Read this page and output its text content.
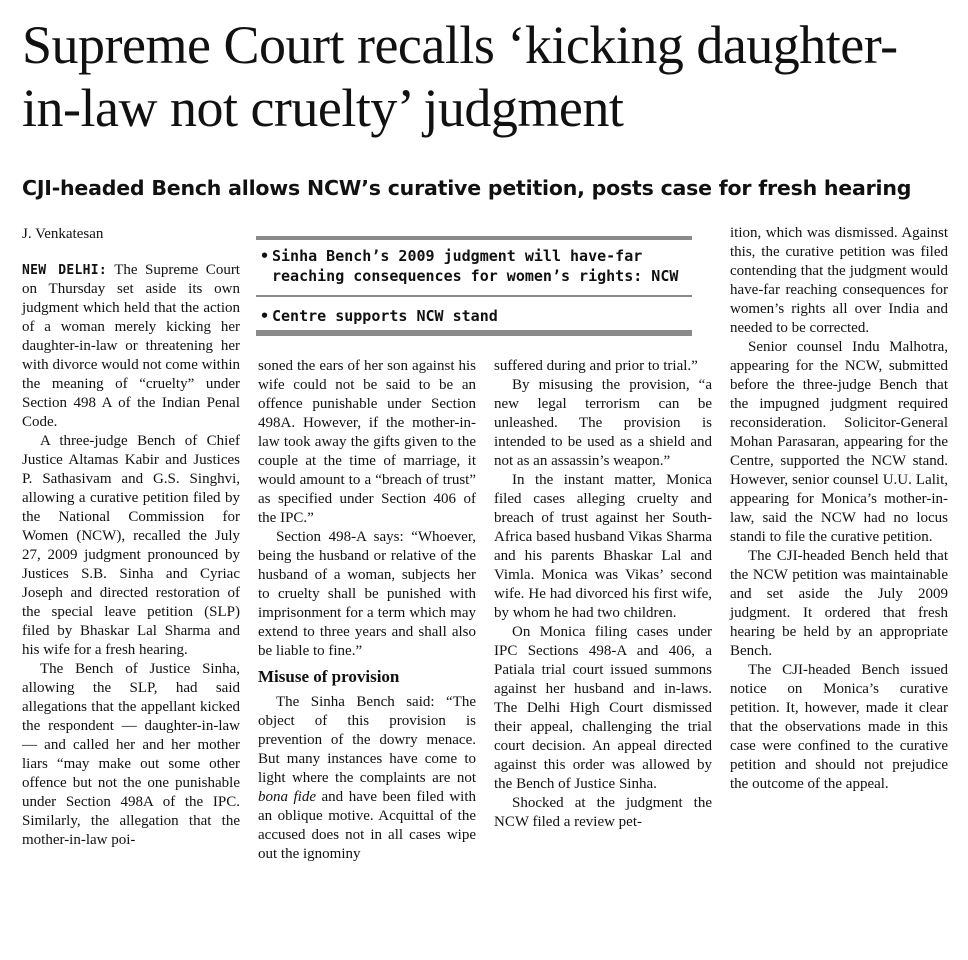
Supreme Court recalls ‘kicking daughter-in-law not cruelty’ judgment
CJI-headed Bench allows NCW’s curative petition, posts case for fresh hearing
J. Venkatesan

NEW DELHI: The Supreme Court on Thursday set aside its own judgment which held that the action of a woman merely kicking her daughter-in-law or threatening her with divorce would not come within the meaning of “cruelty” under Section 498 A of the Indian Penal Code.

A three-judge Bench of Chief Justice Altamas Kabir and Justices P. Sathasivam and G.S. Singhvi, allowing a curative petition filed by the National Commission for Women (NCW), recalled the July 27, 2009 judgment pronounced by Justices S.B. Sinha and Cyriac Joseph and directed restoration of the special leave petition (SLP) filed by Bhaskar Lal Sharma and his wife for a fresh hearing.

The Bench of Justice Sinha, allowing the SLP, had said allegations that the appellant kicked the respondent — daughter-in-law — and called her and her mother liars “may make out some other offence but not the one punishable under Section 498A of the IPC. Similarly, the allegation that the mother-in-law poi-

• Sinha Bench’s 2009 judgment will have-far reaching consequences for women’s rights: NCW
• Centre supports NCW stand

soned the ears of her son against his wife could not be said to be an offence punishable under Section 498A. However, if the mother-in-law took away the gifts given to the couple at the time of marriage, it would amount to a “breach of trust” as specified under Section 406 of the IPC.”

Section 498-A says: “Whoever, being the husband or relative of the husband of a woman, subjects her to cruelty shall be punished with imprisonment for a term which may extend to three years and shall also be liable to fine.”

Misuse of provision

The Sinha Bench said: “The object of this provision is prevention of the dowry menace. But many instances have come to light where the complaints are not bona fide and have been filed with an oblique motive. Acquittal of the accused does not in all cases wipe out the ignominy

suffered during and prior to trial.”

By misusing the provision, “a new legal terrorism can be unleashed. The provision is intended to be used as a shield and not as an assassin’s weapon.”

In the instant matter, Monica filed cases alleging cruelty and breach of trust against her South-Africa based husband Vikas Sharma and his parents Bhaskar Lal and Vimla. Monica was Vikas’ second wife. He had divorced his first wife, by whom he had two children.

On Monica filing cases under IPC Sections 498-A and 406, a Patiala trial court issued summons against her husband and in-laws. The Delhi High Court dismissed their appeal, challenging the trial court decision. An appeal directed against this order was allowed by the Bench of Justice Sinha.

Shocked at the judgment the NCW filed a review pet-

ition, which was dismissed. Against this, the curative petition was filed contending that the judgment would have-far reaching consequences for women’s rights all over India and needed to be corrected.

Senior counsel Indu Malhotra, appearing for the NCW, submitted before the three-judge Bench that the impugned judgment required reconsideration. Solicitor-General Mohan Parasaran, appearing for the Centre, supported the NCW stand. However, senior counsel U.U. Lalit, appearing for Monica’s mother-in-law, said the NCW had no locus standi to file the curative petition.

The CJI-headed Bench held that the NCW petition was maintainable and set aside the July 2009 judgment. It ordered that fresh hearing be held by an appropriate Bench.

The CJI-headed Bench issued notice on Monica’s curative petition. It, however, made it clear that the observations made in this case were confined to the curative petition and should not prejudice the outcome of the appeal.
